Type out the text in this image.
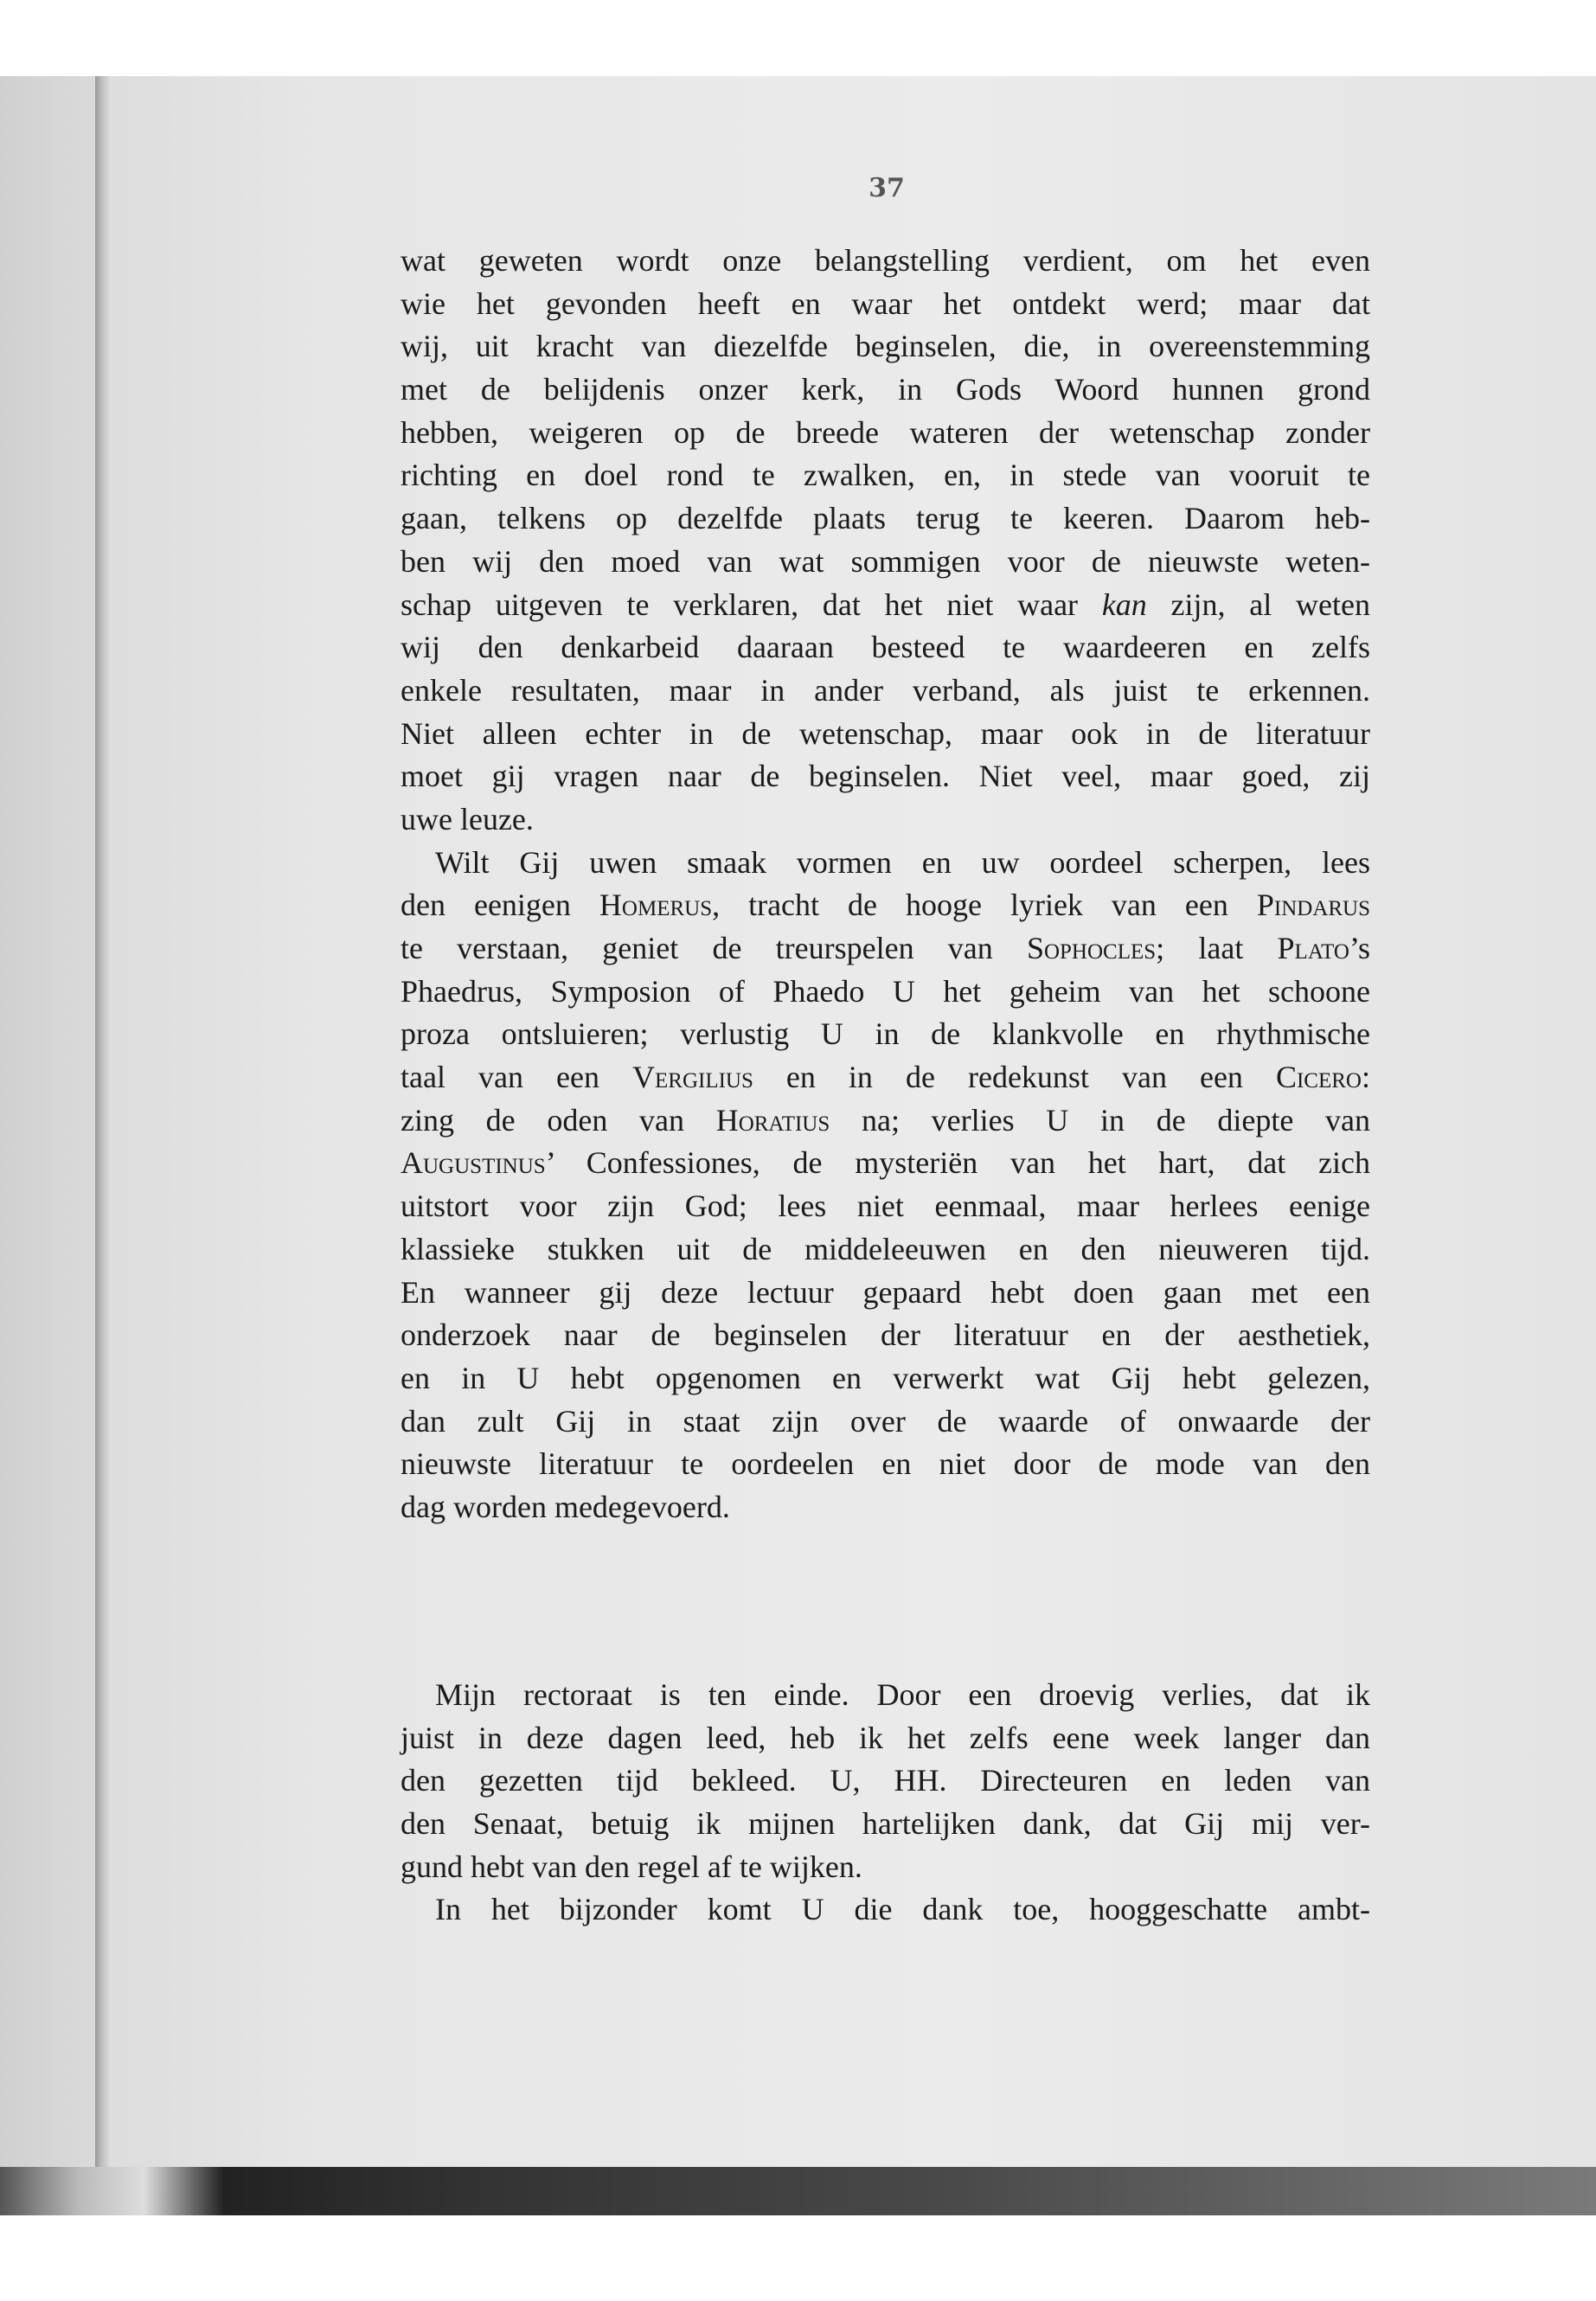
37
wat geweten wordt onze belangstelling verdient, om het even
wie het gevonden heeft en waar het ontdekt werd; maar dat
wij, uit kracht van diezelfde beginselen, die, in overeenstemming
met de belijdenis onzer kerk, in Gods Woord hunnen grond
hebben, weigeren op de breede wateren der wetenschap zonder
richting en doel rond te zwalken, en, in stede van vooruit te
gaan, telkens op dezelfde plaats terug te keeren. Daarom heb-
ben wij den moed van wat sommigen voor de nieuwste weten-
schap uitgeven te verklaren, dat het niet waar kan zijn, al weten
wij den denkarbeid daaraan besteed te waardeeren en zelfs
enkele resultaten, maar in ander verband, als juist te erkennen.
Niet alleen echter in de wetenschap, maar ook in de literatuur
moet gij vragen naar de beginselen. Niet veel, maar goed, zij
uwe leuze.
Wilt Gij uwen smaak vormen en uw oordeel scherpen, lees
den eenigen Homerus, tracht de hooge lyriek van een Pindarus
te verstaan, geniet de treurspelen van Sophocles; laat Plato’s
Phaedrus, Symposion of Phaedo U het geheim van het schoone
proza ontsluieren; verlustig U in de klankvolle en rhythmische
taal van een Vergilius en in de redekunst van een Cicero:
zing de oden van Horatius na; verlies U in de diepte van
Augustinus’ Confessiones, de mysteriën van het hart, dat zich
uitstort voor zijn God; lees niet eenmaal, maar herlees eenige
klassieke stukken uit de middeleeuwen en den nieuweren tijd.
En wanneer gij deze lectuur gepaard hebt doen gaan met een
onderzoek naar de beginselen der literatuur en der aesthetiek,
en in U hebt opgenomen en verwerkt wat Gij hebt gelezen,
dan zult Gij in staat zijn over de waarde of onwaarde der
nieuwste literatuur te oordeelen en niet door de mode van den
dag worden medegevoerd.
Mijn rectoraat is ten einde. Door een droevig verlies, dat ik
juist in deze dagen leed, heb ik het zelfs eene week langer dan
den gezetten tijd bekleed. U, HH. Directeuren en leden van
den Senaat, betuig ik mijnen hartelijken dank, dat Gij mij ver-
gund hebt van den regel af te wijken.
In het bijzonder komt U die dank toe, hooggeschatte ambt-
